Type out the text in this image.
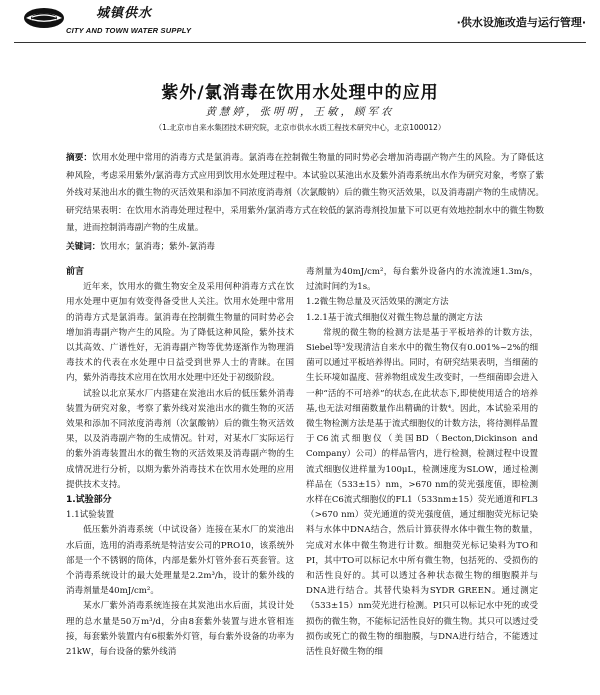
城镇供水
CITY AND TOWN WATER SUPPLY
·供水设施改造与运行管理·
紫外/氯消毒在饮用水处理中的应用
黄慧婷，张明明，王敏，顾军农
（1.北京市自来水集团技术研究院，北京市供水水质工程技术研究中心，北京100012）
摘要：饮用水处理中常用的消毒方式是氯消毒。氯消毒在控制微生物量的同时势必会增加消毒副产物产生的风险。为了降低这种风险，考虑采用紫外/氯消毒方式应用到饮用水处理过程中。本试验以某池出水及紫外消毒系统出水作为研究对象，考察了紫外线对某池出水的微生物的灭活效果和添加不同浓度消毒剂（次氯酸钠）后的微生物灭活效果，以及消毒副产物的生成情况。研究结果表明：在饮用水消毒处理过程中，采用紫外/氯消毒方式在较低的氯消毒剂投加量下可以更有效地控制水中的微生物数量，进而控制消毒副产物的生成量。
关键词：饮用水；氯消毒；紫外-氯消毒
前言

近年来，饮用水的微生物安全及采用何种消毒方式在饮用水处理中更加有效变得备受世人关注。饮用水处理中常用的消毒方式是氯消毒。氯消毒在控制微生物量的同时势必会增加消毒副产物产生的风险。为了降低这种风险，紫外技术以其高效、广谱性好，无消毒副产物等优势逐渐作为物理消毒技术的代表在水处理中日益受到世界人士的青睐。在国内，紫外消毒技术应用在饮用水处理中还处于初级阶段。

试验以北京某水厂内搭建在炭池出水后的低压紫外消毒装置为研究对象，考察了紫外线对炭池出水的微生物的灭活效果和添加不同浓度消毒剂（次氯酸钠）后的微生物灭活效果，以及消毒副产物的生成情况。针对，对某水厂实际运行的紫外消毒装置出水的微生物的灭活效果及消毒副产物的生成情况进行分析，以期为紫外消毒技术在饮用水处理的应用提供技术支持。

1.试验部分
1.1试验装置

低压紫外消毒系统（中试设备）连接在某水厂的炭池出水后面，选用的消毒系统是特洁安公司的PRO10，该系统外部是一个不锈钢的筒体，内部是紫外灯管外套石英套管。这个消毒系统设计的最大处理量是2.2m³/h，设计的紫外线的消毒剂量是40mJ/cm²。

某水厂紫外消毒系统连接在其炭池出水后面，其设计处理的总水量是50万m³/d，分由8套紫外装置与进水管相连接，每套紫外装置内有6根紫外灯管，每台紫外设备的功率为21kW，每台设备的紫外线消

毒剂量为40mJ/cm²，每台紫外设备内的水流流速1.3m/s，过流时间约为1s。

1.2微生物总量及灭活效果的测定方法
1.2.1基于流式细胞仪对微生物总量的测定方法

常规的微生物的检测方法是基于平板培养的计数方法，Siebel等³发现清洁自来水中的微生物仅有0.001%~2%的细菌可以通过平板培养得出。同时，有研究结果表明，当细菌的生长环境如温度、营养物组成发生改变时，一些细菌即会进入一种“活的不可培养”的状态,在此状态下,即使使用适合的培养基,也无法对细菌数量作出精确的计数⁴。因此，本试验采用的微生物检测方法是基于流式细胞仪的计数方法，将待测样品置于C6流式细胞仪（美国BD（Becton,Dickinson and Company）公司）的样品管内，进行检测，检测过程中设置流式细胞仪进样量为100μL，检测速度为SLOW，通过检测样品在（533±15）nm，>670 nm的荧光强度值，即检测水样在C6流式细胞仪的FL1（533nm±15）荧光通道和FL3（>670 nm）荧光通道的荧光强度值，通过细胞荧光标记染料与水体中DNA结合，然后计算获得水体中微生物的数量，完成对水体中微生物进行计数。细胞荧光标记染料为TO和PI，其中TO可以标记水中所有微生物，包括死的、受损伤的和活性良好的。其可以透过各种状态微生物的细胞膜并与DNA进行结合。其替代染料为SYDR GREEN。通过测定（533±15）nm荧光进行检测。PI只可以标记水中死的或受损伤的微生物，不能标记活性良好的微生物。其只可以透过受损伤或死亡的微生物的细胞膜，与DNA进行结合，不能透过活性良好微生物的细
